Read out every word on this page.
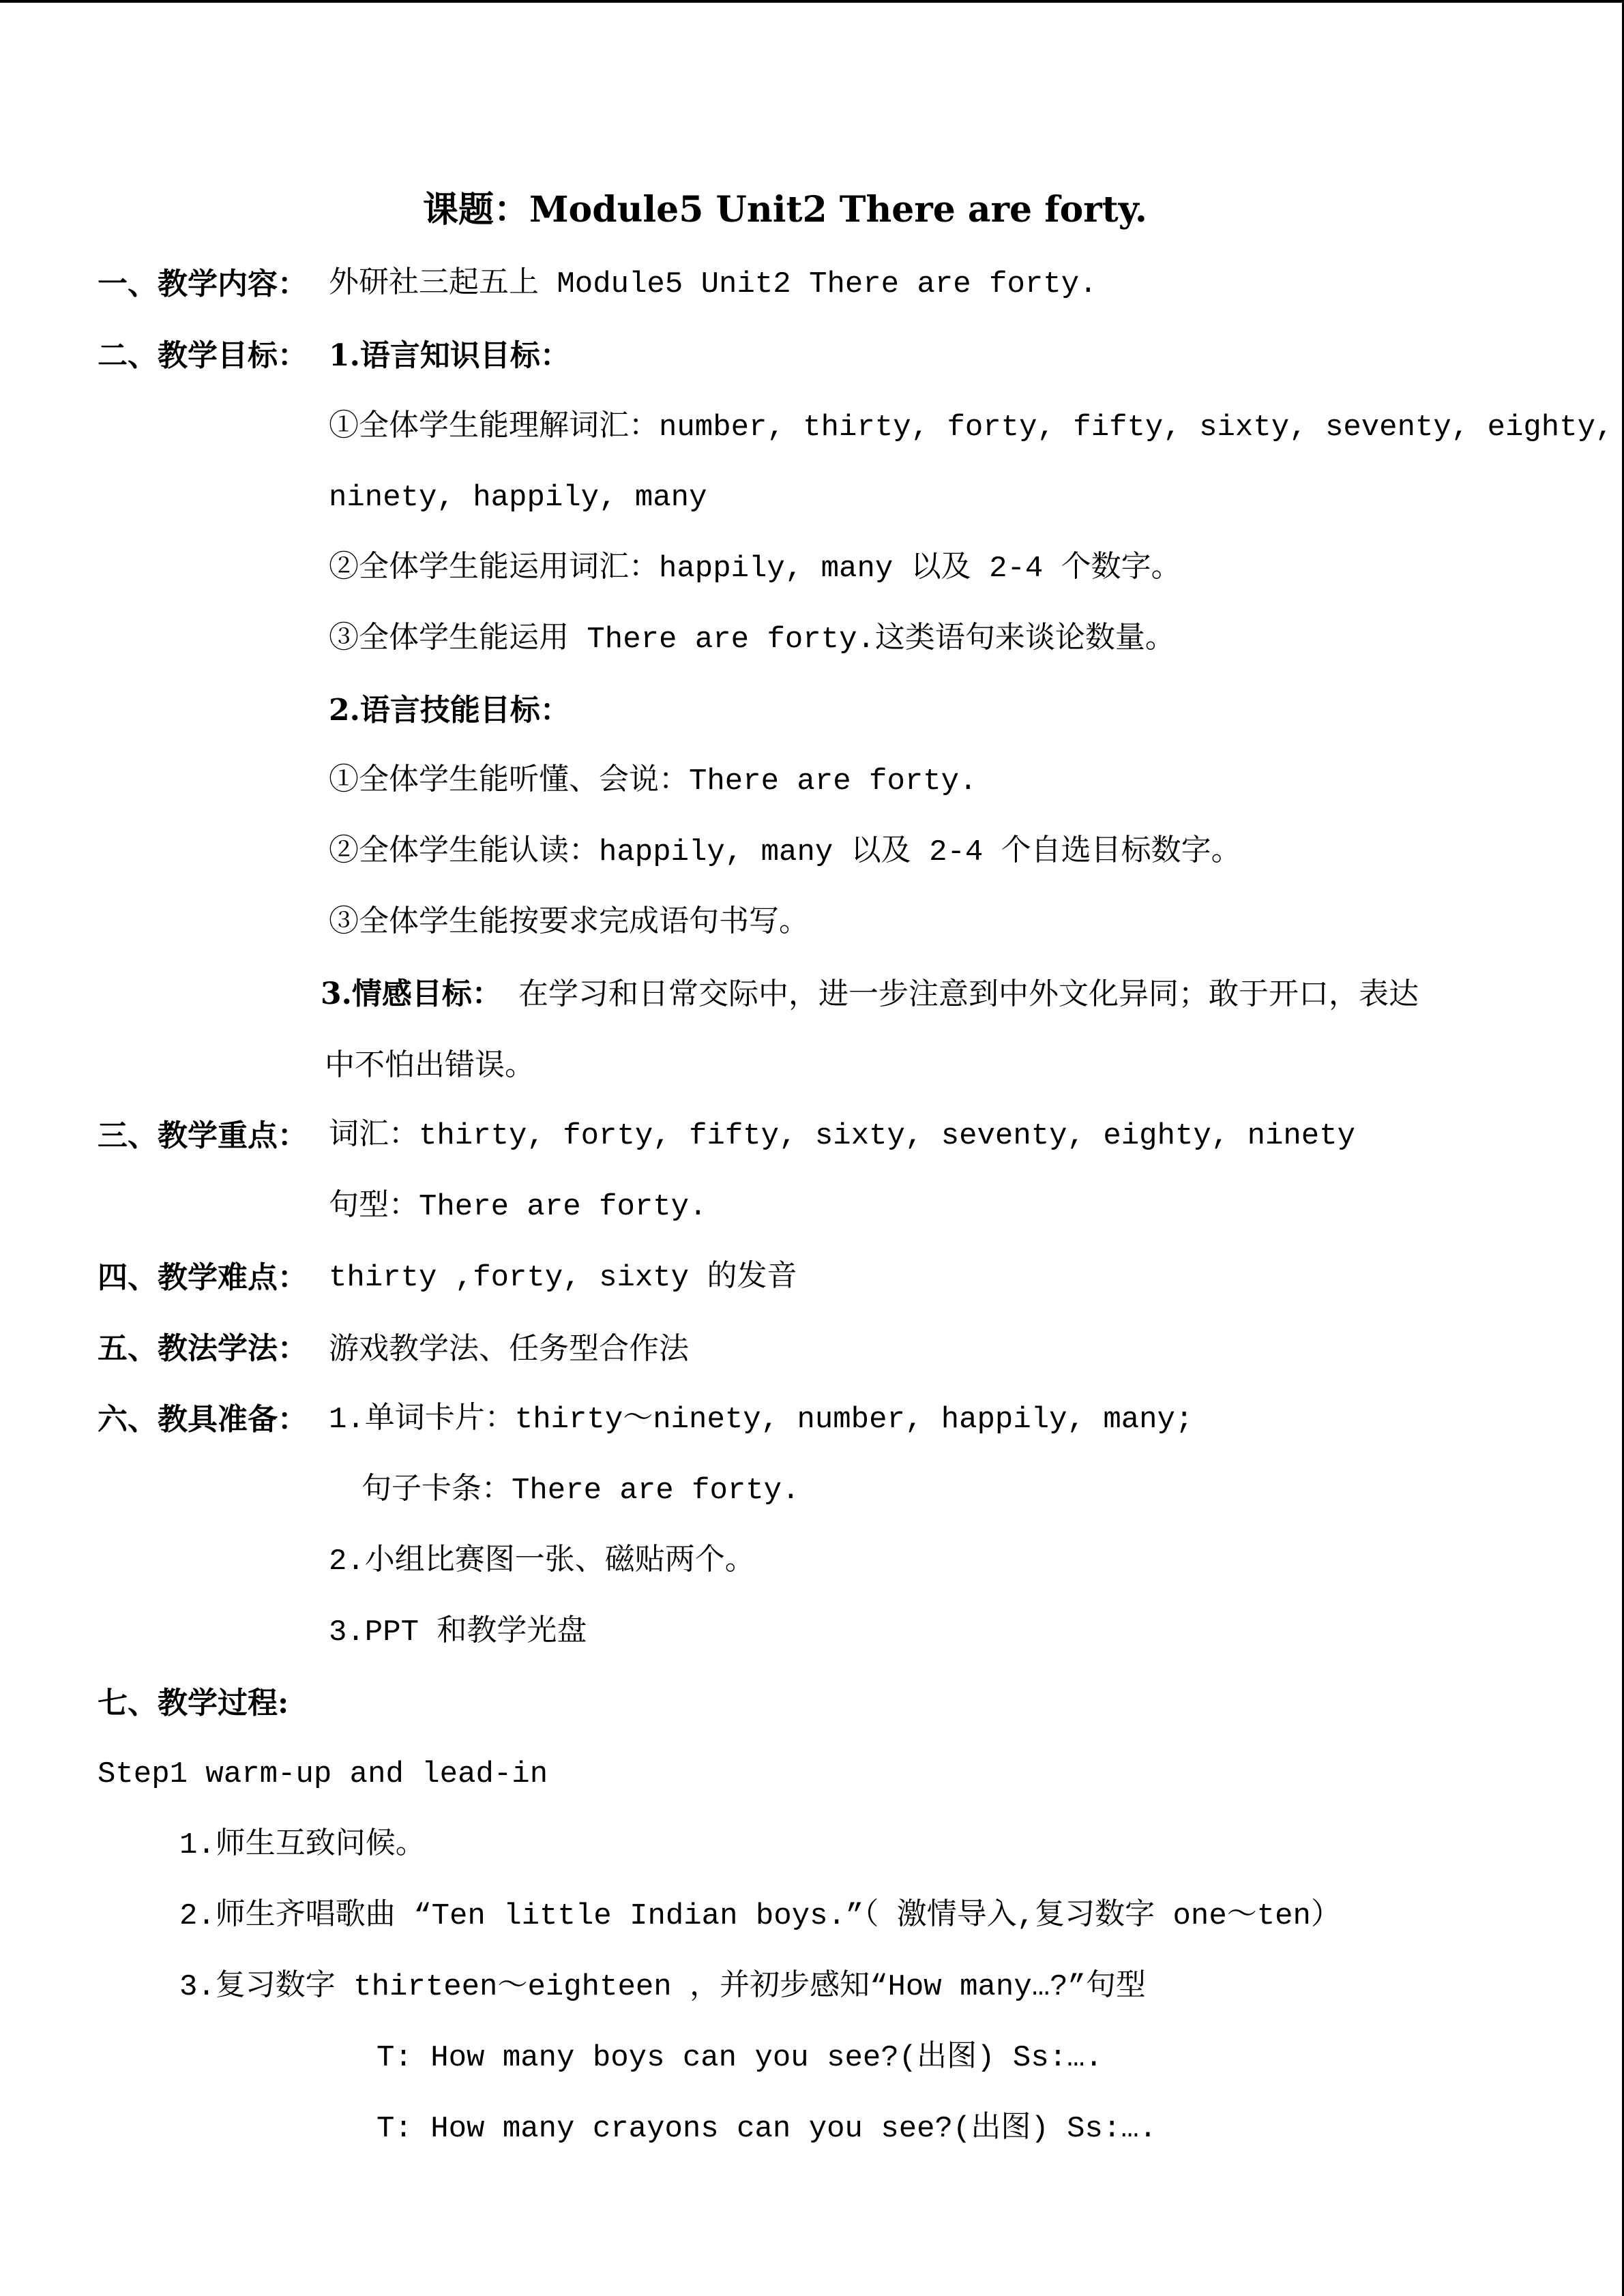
课题：Module5 Unit2 There are forty.
一、教学内容： 外研社三起五上 Module5 Unit2 There are forty.
二、教学目标： 1.语言知识目标：
①全体学生能理解词汇：number, thirty, forty, fifty, sixty, seventy, eighty,
ninety, happily, many
②全体学生能运用词汇：happily, many 以及 2-4 个数字。
③全体学生能运用 There are forty.这类语句来谈论数量。
2.语言技能目标：
①全体学生能听懂、会说：There are forty.
②全体学生能认读：happily, many 以及 2-4 个自选目标数字。
③全体学生能按要求完成语句书写。
3.情感目标： 在学习和日常交际中，进一步注意到中外文化异同；敢于开口，表达
中不怕出错误。
三、教学重点： 词汇：thirty, forty, fifty, sixty, seventy, eighty, ninety
句型：There are forty.
四、教学难点： thirty ,forty, sixty 的发音
五、教法学法： 游戏教学法、任务型合作法
六、教具准备： 1.单词卡片：thirty～ninety, number, happily, many;
句子卡条：There are forty.
2.小组比赛图一张、磁贴两个。
3.PPT 和教学光盘
七、教学过程:
Step1 warm-up and lead-in
1.师生互致问候。
2.师生齐唱歌曲 “Ten little Indian boys.”（ 激情导入,复习数字 one～ten）
3.复习数字 thirteen～eighteen ，并初步感知“How many…?”句型
T: How many boys can you see?(出图) Ss:….
T: How many crayons can you see?(出图) Ss:….
